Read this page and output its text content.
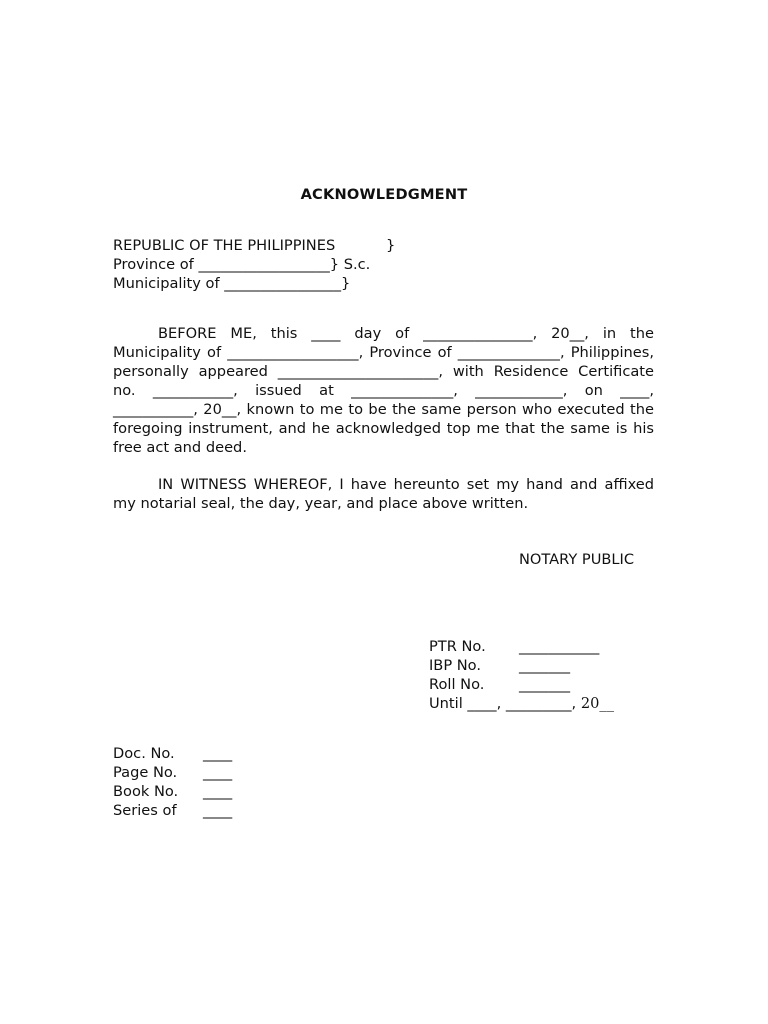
ACKNOWLEDGMENT
REPUBLIC OF THE PHILIPPINES	}
Province of __________________} S.c.
Municipality of ________________}

BEFORE ME, this ____ day of _______________, 20__, in the Municipality of __________________, Province of ______________, Philippines, personally appeared ______________________, with Residence Certificate no. ___________, issued at ______________, ____________, on ____, ___________, 20__, known to me to be the same person who executed the foregoing instrument, and he acknowledged top me that the same is his free act and deed.

IN WITNESS WHEREOF, I have hereunto set my hand and affixed my notarial seal, the day, year, and place above written.

NOTARY PUBLIC
PTR No. ___________
IBP No.	_______
Roll No. _______
Until ____, _________, 20__
Doc. No. ____
Page No. ____
Book No. ____
Series of ____
